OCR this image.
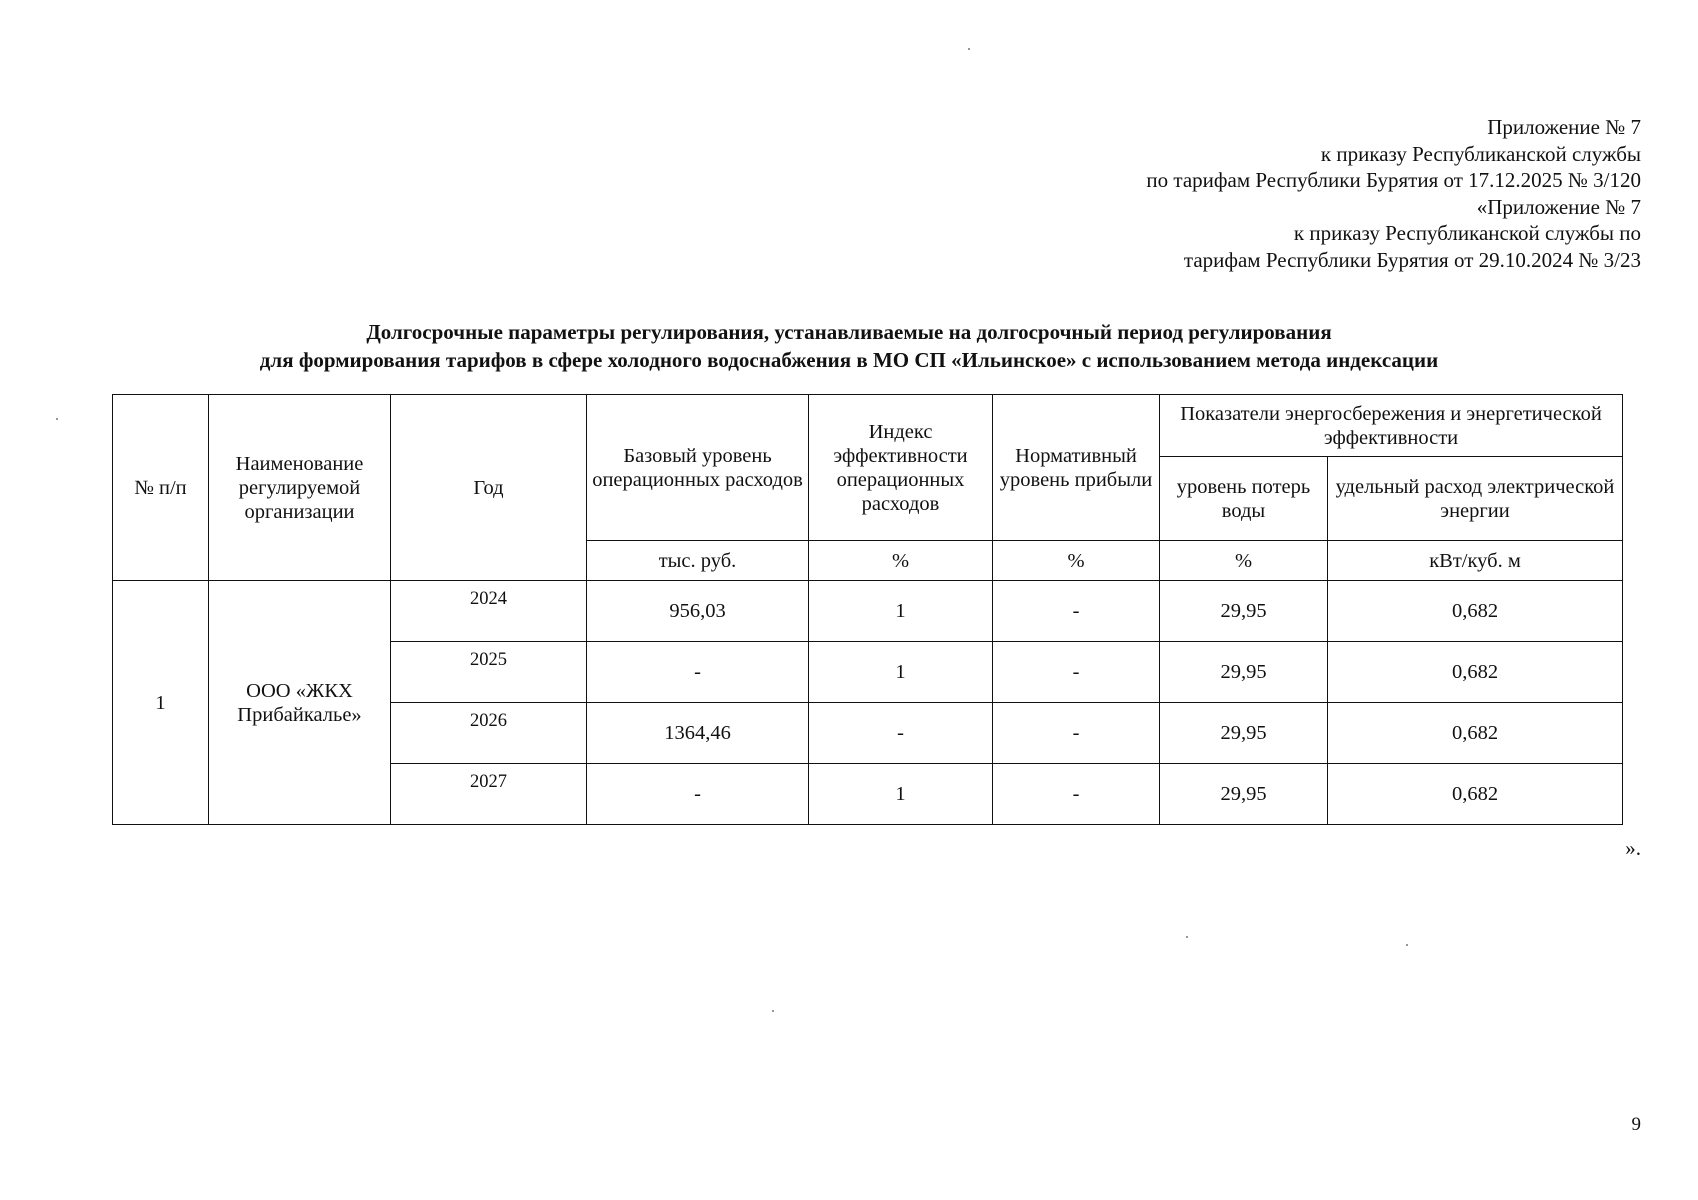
Приложение № 7
к приказу Республиканской службы
по тарифам Республики Бурятия от 17.12.2025 № 3/120
«Приложение № 7
к приказу Республиканской службы по
тарифам Республики Бурятия от 29.10.2024 № 3/23
Долгосрочные параметры регулирования, устанавливаемые на долгосрочный период регулирования
для формирования тарифов в сфере холодного водоснабжения в МО СП «Ильинское» с использованием метода индексации
№ п/п	Наименование регулируемой организации	Год	Базовый уровень операционных расходов	Индекс эффективности операционных расходов	Нормативный уровень прибыли	Показатели энергосбережения и энергетической эффективности	
						уровень потерь воды	удельный расход электрической энергии
			тыс. руб.	%	%	%	кВт/куб. м
1	ООО «ЖКХ Прибайкалье»	2024	956,03	1	-	29,95	0,682
		2025	-	1	-	29,95	0,682
		2026	1364,46	-	-	29,95	0,682
		2027	-	1	-	29,95	0,682
».
9
